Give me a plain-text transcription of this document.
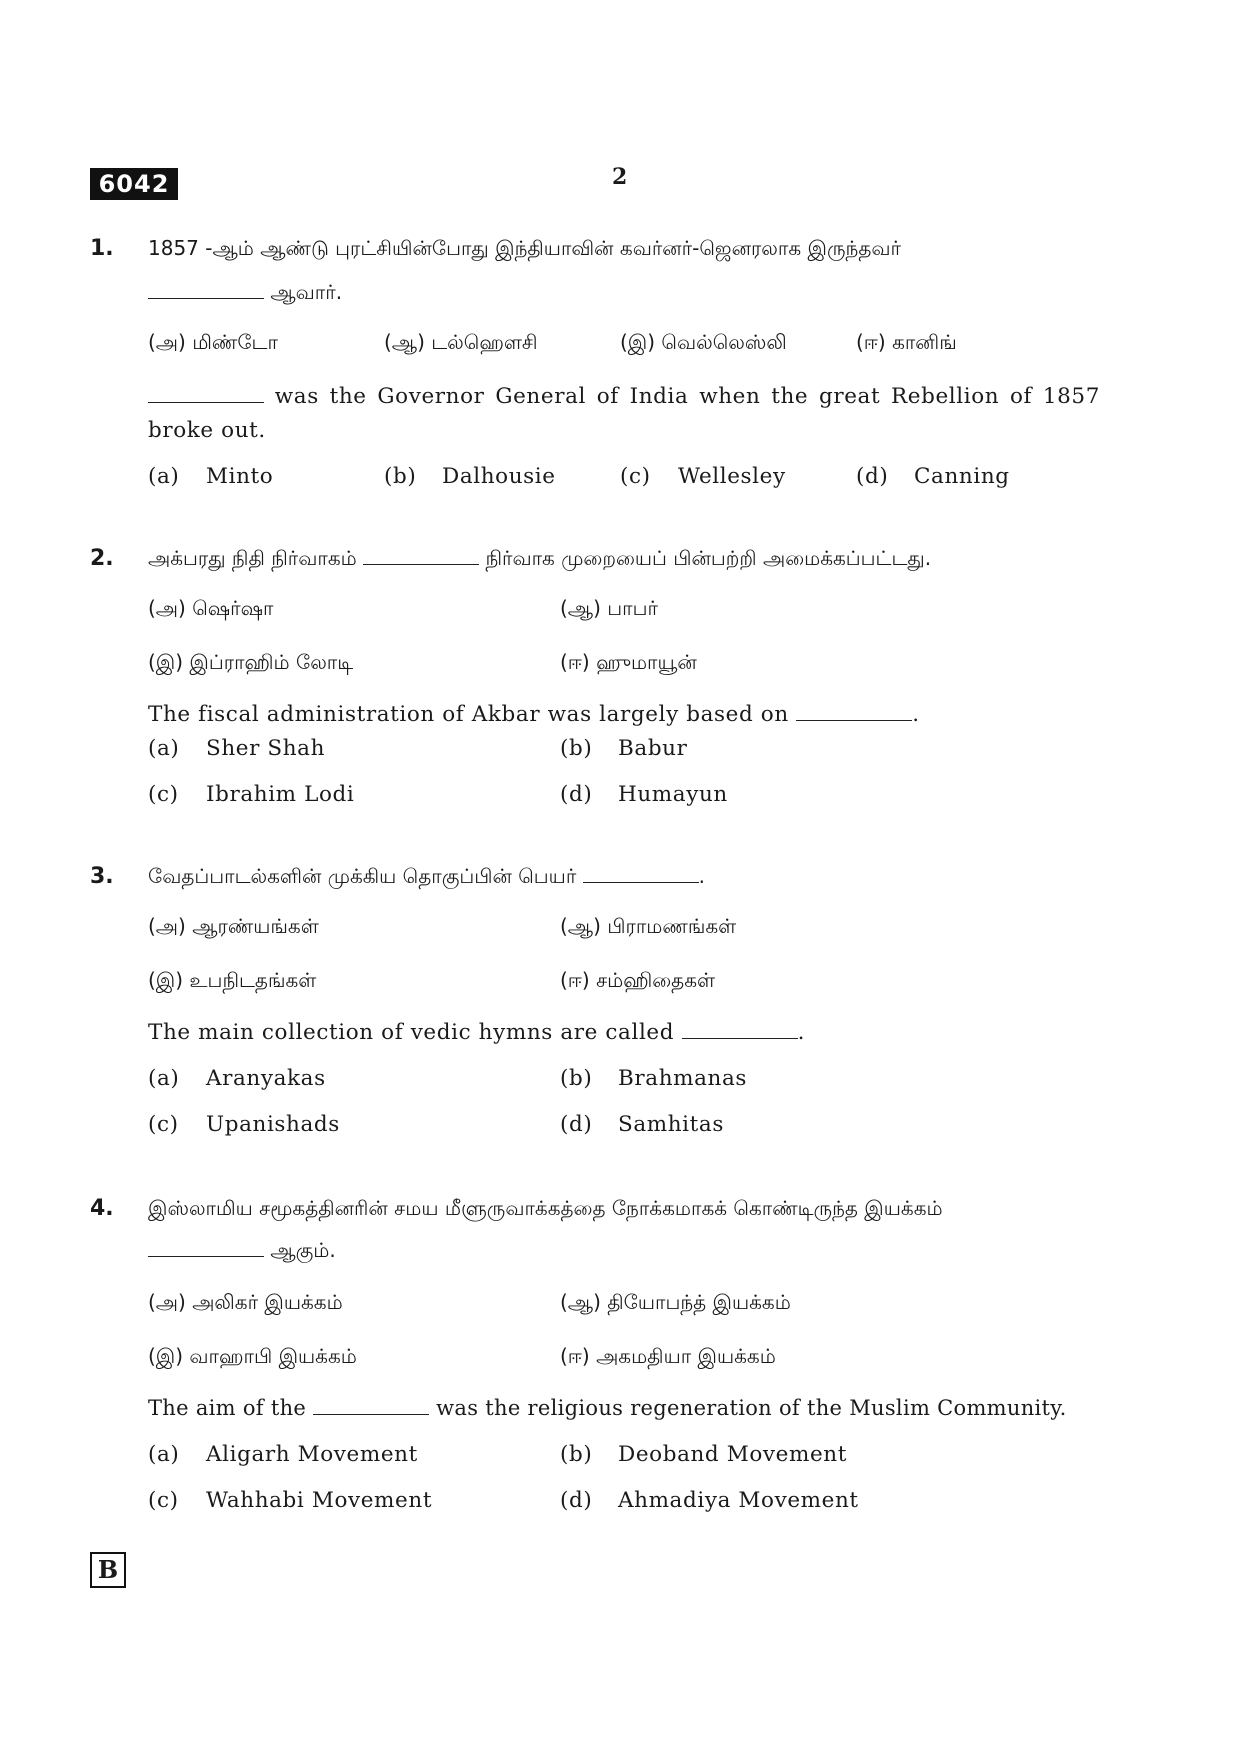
6042	2
1. 1857 -ஆம் ஆண்டு புரட்சியின்போது இந்தியாவின் கவர்னர்-ஜெனரலாக இருந்தவர்
ஆவார்.
(அ) மிண்டோ	(ஆ) டல்ஹௌசி	(இ) வெல்லெஸ்லி	(ஈ) கானிங்
was the Governor General of India when the great Rebellion of 1857
broke out.
(a) Minto	(b) Dalhousie	(c) Wellesley	(d) Canning
2. அக்பரது நிதி நிர்வாகம்	நிர்வாக முறையைப் பின்பற்றி அமைக்கப்பட்டது.
(அ) ஷெர்ஷா	(ஆ) பாபர்
(இ) இப்ராஹிம் லோடி	(ஈ) ஹுமாயூன்
The fiscal administration of Akbar was largely based on	.
(a) Sher Shah	(b) Babur
(c) Ibrahim Lodi	(d) Humayun
3. வேதப்பாடல்களின் முக்கிய தொகுப்பின் பெயர்	.
(அ) ஆரண்யங்கள்	(ஆ) பிராமணங்கள்
(இ) உபநிடதங்கள்	(ஈ) சம்ஹிதைகள்
The main collection of vedic hymns are called	.
(a) Aranyakas	(b) Brahmanas
(c) Upanishads	(d) Samhitas
4. இஸ்லாமிய சமூகத்தினரின் சமய மீளுருவாக்கத்தை நோக்கமாகக் கொண்டிருந்த இயக்கம்
ஆகும்.
(அ) அலிகர் இயக்கம்	(ஆ) தியோபந்த் இயக்கம்
(இ) வாஹாபி இயக்கம்	(ஈ) அகமதியா இயக்கம்
The aim of the	was the religious regeneration of the Muslim Community.
(a) Aligarh Movement	(b) Deoband Movement
(c) Wahhabi Movement	(d) Ahmadiya Movement
B
